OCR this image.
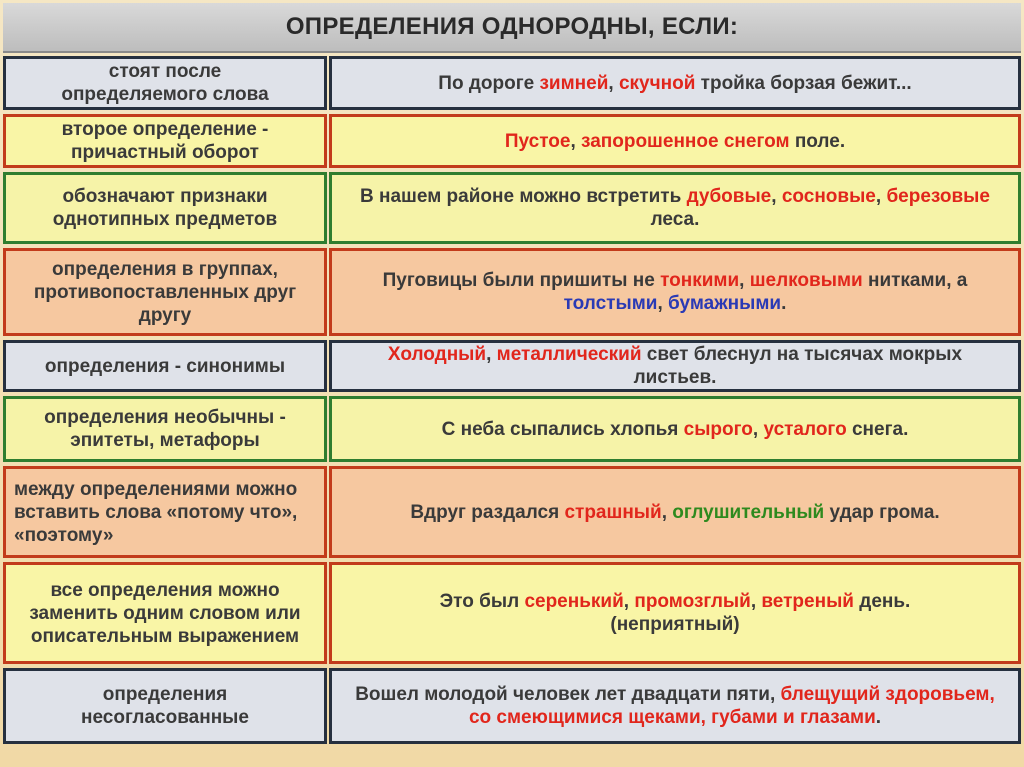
ОПРЕДЕЛЕНИЯ ОДНОРОДНЫ, ЕСЛИ:
стоят после определяемого слова
По дороге зимней, скучной тройка борзая бежит...
второе определение - причастный оборот
Пустое, запорошенное снегом поле.
обозначают признаки однотипных предметов
В нашем районе можно встретить дубовые, сосновые, березовые леса.
определения в группах, противопоставленных друг другу
Пуговицы были пришиты не тонкими, шелковыми нитками, а толстыми, бумажными.
определения - синонимы
Холодный, металлический свет блеснул на тысячах мокрых листьев.
определения необычны - эпитеты, метафоры
С неба сыпались хлопья сырого, усталого снега.
между определениями можно вставить слова «потому что», «поэтому»
Вдруг раздался страшный, оглушительный удар грома.
все определения можно заменить одним словом или описательным выражением
Это был серенький, промозглый, ветреный день. (неприятный)
определения несогласованные
Вошел молодой человек лет двадцати пяти, блещущий здоровьем, со смеющимися щеками, губами и глазами.
